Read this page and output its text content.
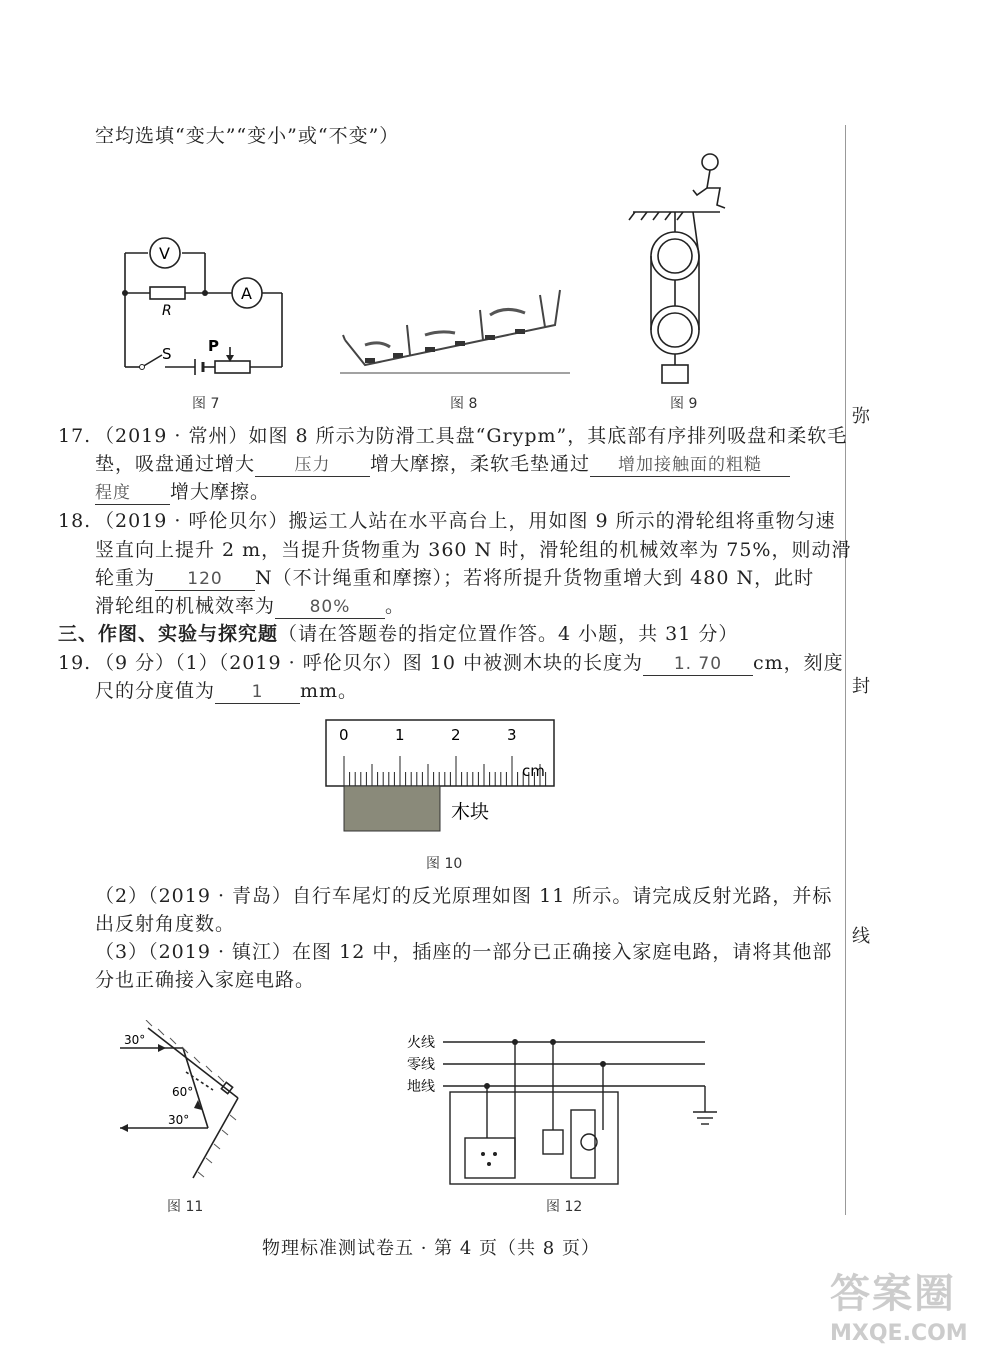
弥
封
线
空均选填“变大”“变小”或“不变”）
V
A
R
S P
图 7	图 8	图 9
17. （2019 · 常州）如图 8 所示为防滑工具盘“Grypm”，其底部有序排列吸盘和柔软毛
垫，吸盘通过增大 压力 增大摩擦，柔软毛垫通过 增加接触面的粗糙
程度 增大摩擦。
18. （2019 · 呼伦贝尔）搬运工人站在水平高台上，用如图 9 所示的滑轮组将重物匀速
竖直向上提升 2 m，当提升货物重为 360 N 时，滑轮组的机械效率为 75%，则动滑
轮重为 120 N（不计绳重和摩擦）；若将所提升货物重增大到 480 N，此时
滑轮组的机械效率为 80% 。
三、作图、实验与探究题（请在答题卷的指定位置作答。4 小题，共 31 分）
19. （9 分）（1）（2019 · 呼伦贝尔）图 10 中被测木块的长度为 1. 70 cm，刻度
尺的分度值为 1 mm。
0	1	2	3
cm
木块
图 10
（2）（2019 · 青岛）自行车尾灯的反光原理如图 11 所示。请完成反射光路，并标
出反射角度数。
（3）（2019 · 镇江）在图 12 中，插座的一部分已正确接入家庭电路，请将其他部
分也正确接入家庭电路。
30°
60°
30°
图 11
火线
零线
地线
图 12
物理标准测试卷五 · 第 4 页（共 8 页）
答案圈
MXQE.COM
